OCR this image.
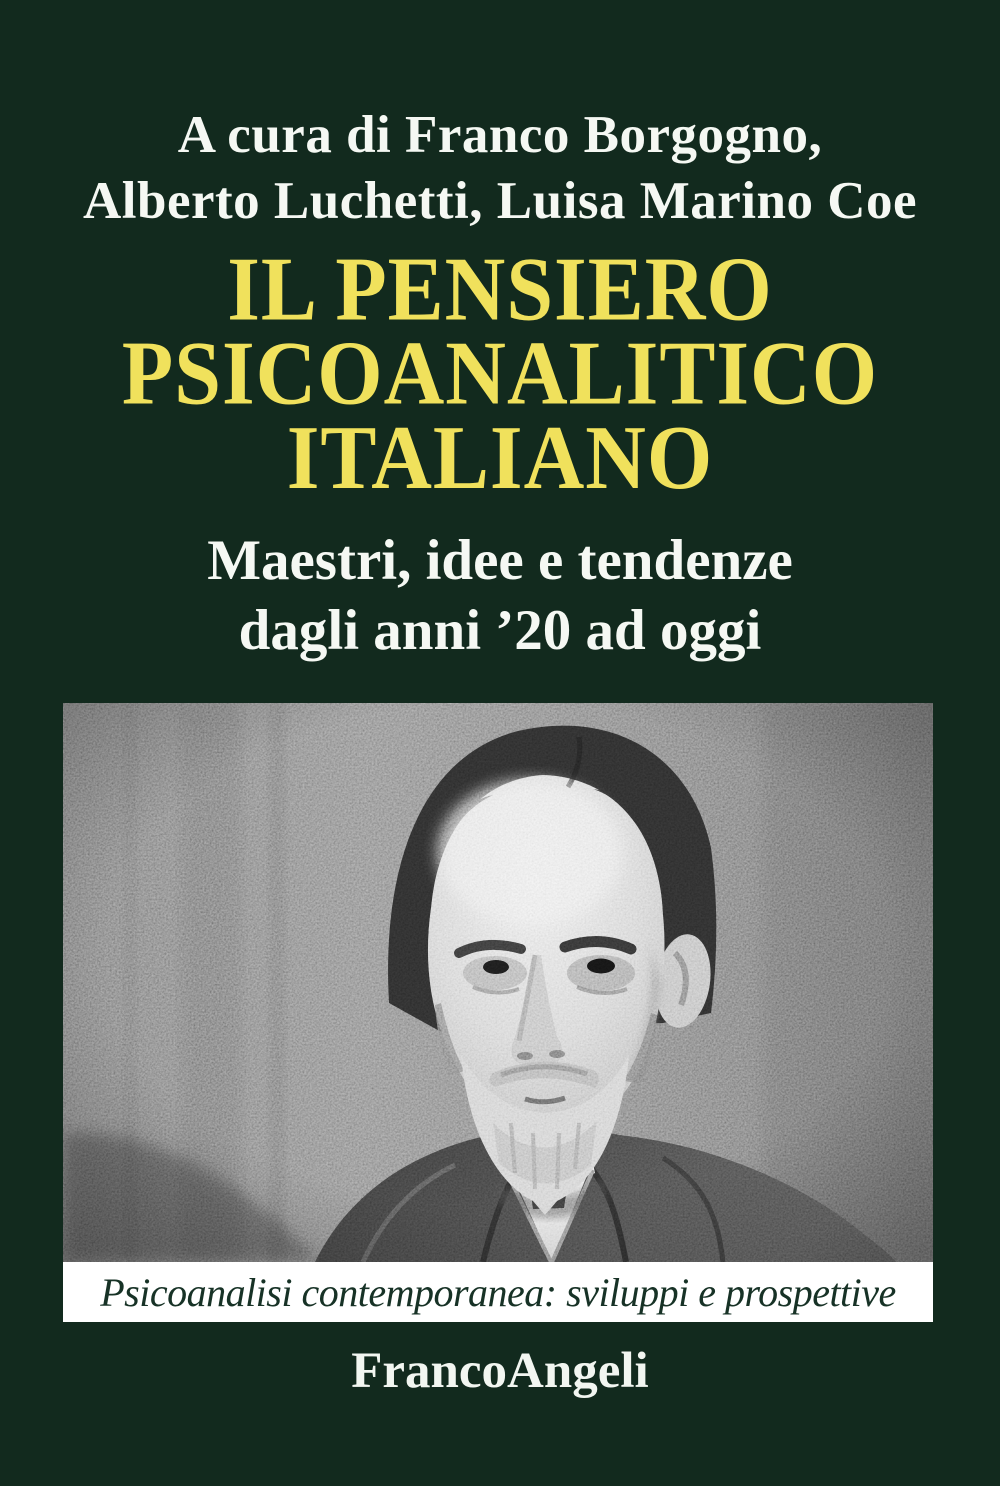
A cura di Franco Borgogno,
Alberto Luchetti, Luisa Marino Coe
IL PENSIERO
PSICOANALITICO
ITALIANO
Maestri, idee e tendenze
dagli anni ’20 ad oggi
Psicoanalisi contemporanea: sviluppi e prospettive
FrancoAngeli
